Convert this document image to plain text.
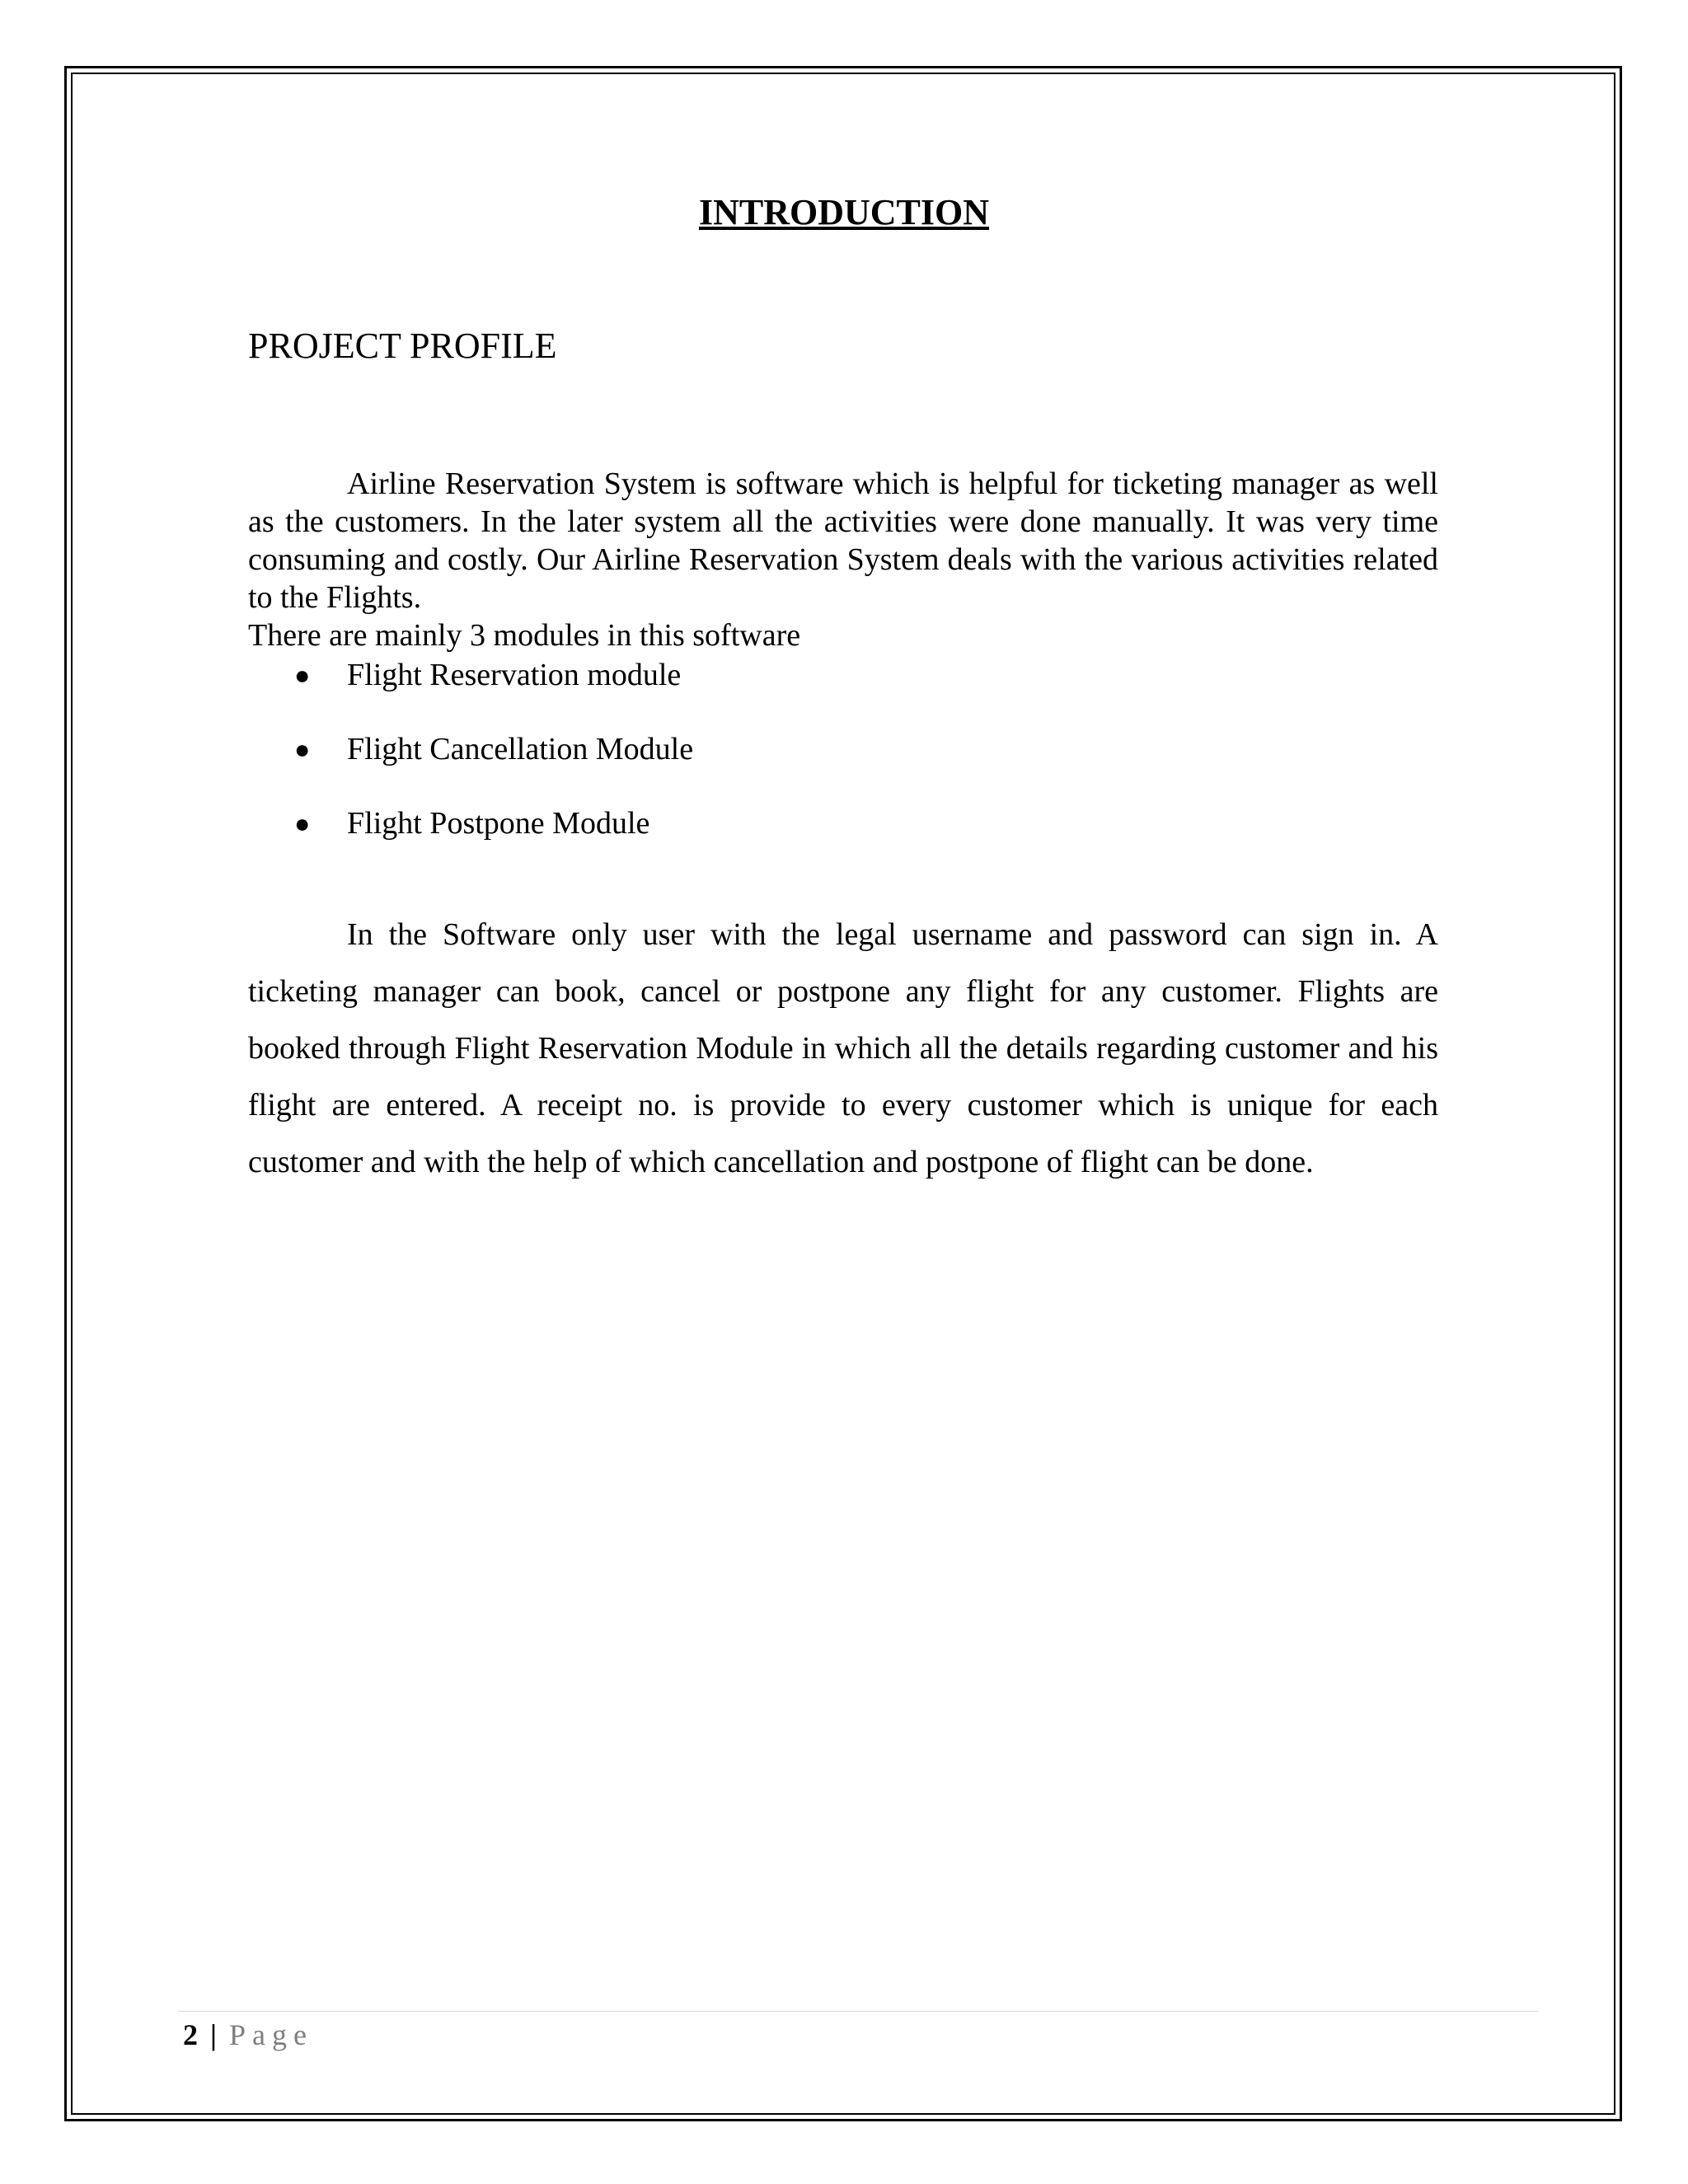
INTRODUCTION
PROJECT PROFILE
Airline Reservation System is software which is helpful for ticketing manager as well as the customers. In the later system all the activities were done manually. It was very time consuming and costly. Our Airline Reservation System deals with the various activities related to the Flights.
There are mainly 3 modules in this software
● Flight Reservation module
● Flight Cancellation Module
● Flight Postpone Module
In the Software only user with the legal username and password can sign in. A ticketing manager can book, cancel or postpone any flight for any customer. Flights are booked through Flight Reservation Module in which all the details regarding customer and his flight are entered. A receipt no. is provide to every customer which is unique for each customer and with the help of which cancellation and postpone of flight can be done.
2 | Page
